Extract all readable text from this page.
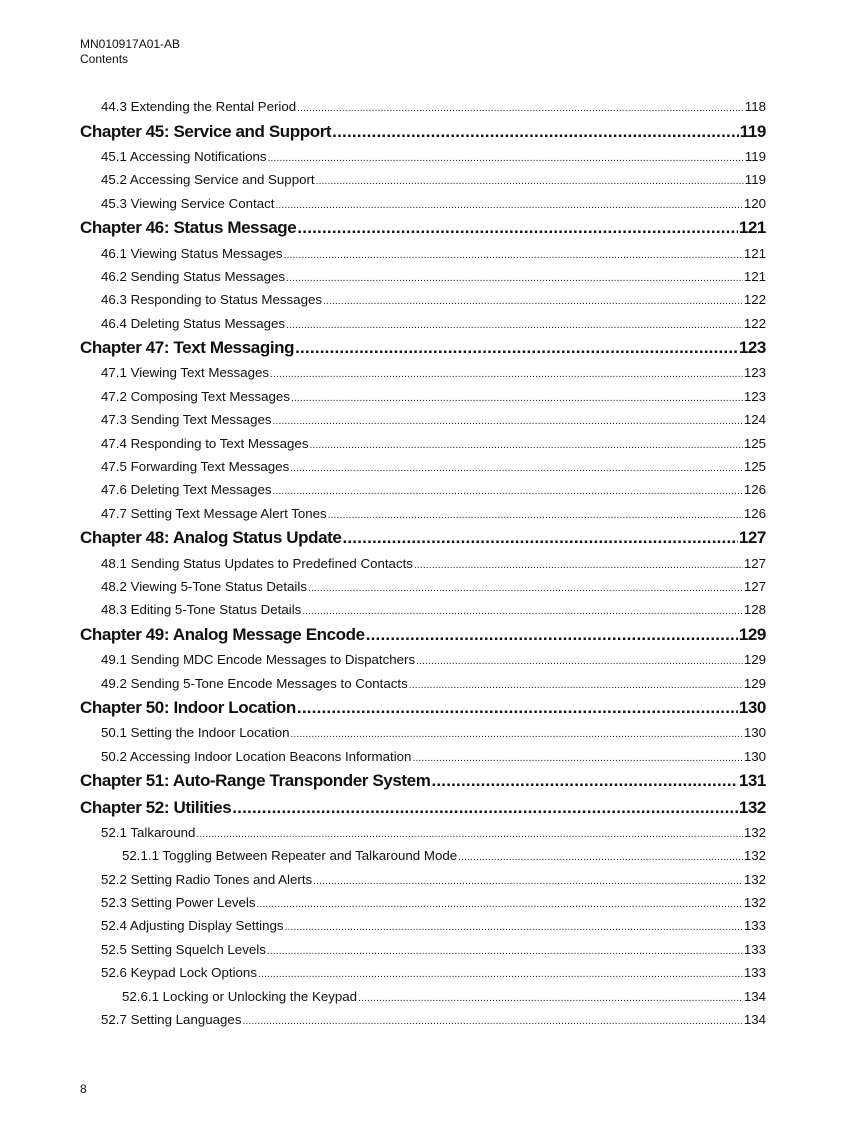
MN010917A01-AB
Contents
44.3 Extending the Rental Period .....	118
Chapter 45: Service and Support .....	119
45.1 Accessing Notifications .....	119
45.2 Accessing Service and Support .....	119
45.3 Viewing Service Contact .....	120
Chapter 46: Status Message .....	121
46.1 Viewing Status Messages .....	121
46.2 Sending Status Messages .....	121
46.3 Responding to Status Messages .....	122
46.4 Deleting Status Messages .....	122
Chapter 47: Text Messaging .....	123
47.1 Viewing Text Messages .....	123
47.2 Composing Text Messages .....	123
47.3 Sending Text Messages .....	124
47.4 Responding to Text Messages .....	125
47.5 Forwarding Text Messages .....	125
47.6 Deleting Text Messages .....	126
47.7 Setting Text Message Alert Tones .....	126
Chapter 48: Analog Status Update .....	127
48.1 Sending Status Updates to Predefined Contacts .....	127
48.2 Viewing 5-Tone Status Details .....	127
48.3 Editing 5-Tone Status Details .....	128
Chapter 49: Analog Message Encode .....	129
49.1 Sending MDC Encode Messages to Dispatchers .....	129
49.2 Sending 5-Tone Encode Messages to Contacts .....	129
Chapter 50: Indoor Location .....	130
50.1 Setting the Indoor Location .....	130
50.2 Accessing Indoor Location Beacons Information .....	130
Chapter 51: Auto-Range Transponder System .....	131
Chapter 52: Utilities .....	132
52.1 Talkaround .....	132
52.1.1 Toggling Between Repeater and Talkaround Mode .....	132
52.2 Setting Radio Tones and Alerts .....	132
52.3 Setting Power Levels .....	132
52.4 Adjusting Display Settings .....	133
52.5 Setting Squelch Levels .....	133
52.6 Keypad Lock Options .....	133
52.6.1 Locking or Unlocking the Keypad .....	134
52.7 Setting Languages .....	134
8
